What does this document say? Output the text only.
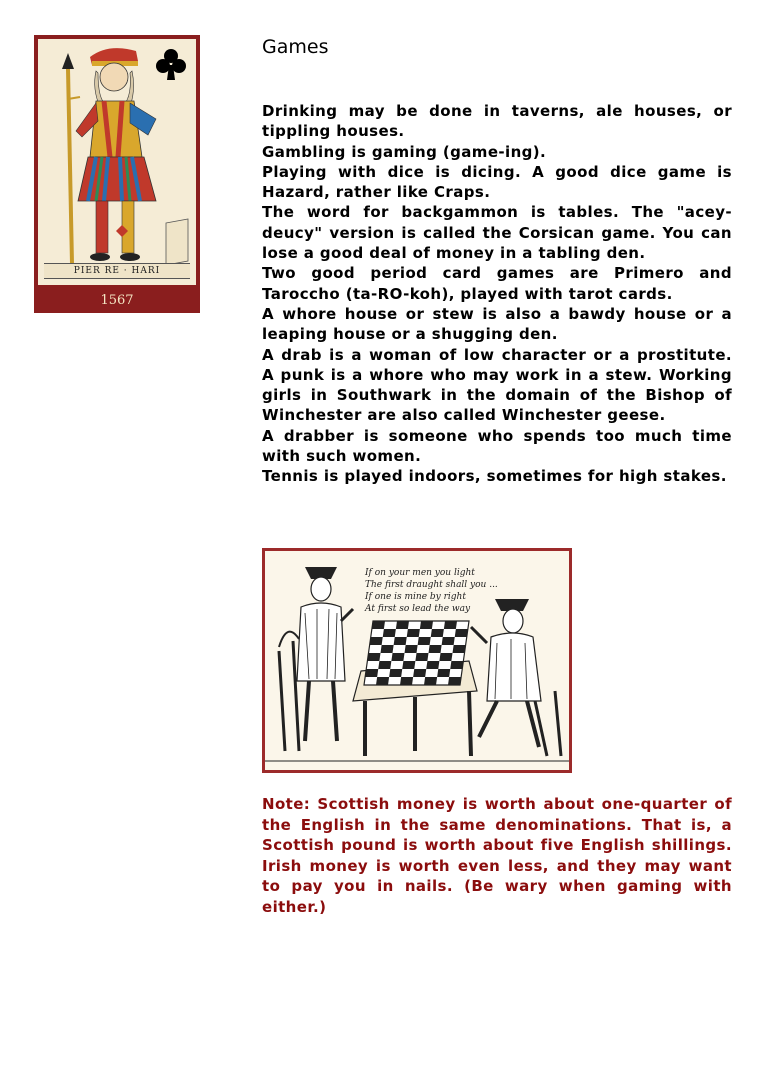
PIER RE · HARI
1567
Games

Drinking may be done in taverns, ale houses, or tippling houses.

Gambling is gaming (game-ing).

Playing with dice is dicing. A good dice game is Hazard, rather like Craps.

The word for backgammon is tables. The "acey-deucy" version is called the Corsican game. You can lose a good deal of money in a tabling den.

Two good period card games are Primero and Taroccho (ta-RO-koh), played with tarot cards.

A whore house or stew is also a bawdy house or a leaping house or a shugging den.

A drab is a woman of low character or a prostitute. A punk is a whore who may work in a stew. Working girls in Southwark in the domain of the Bishop of Winchester are also called Winchester geese.

A drabber is someone who spends too much time with such women.

Tennis is played indoors, sometimes for high stakes.

If on your men you light
The first draught shall you ...
If one is mine by right
At first so lead the way

Note: Scottish money is worth about one-quarter of the English in the same denominations. That is, a Scottish pound is worth about five English shillings. Irish money is worth even less, and they may want to pay you in nails. (Be wary when gaming with either.)
